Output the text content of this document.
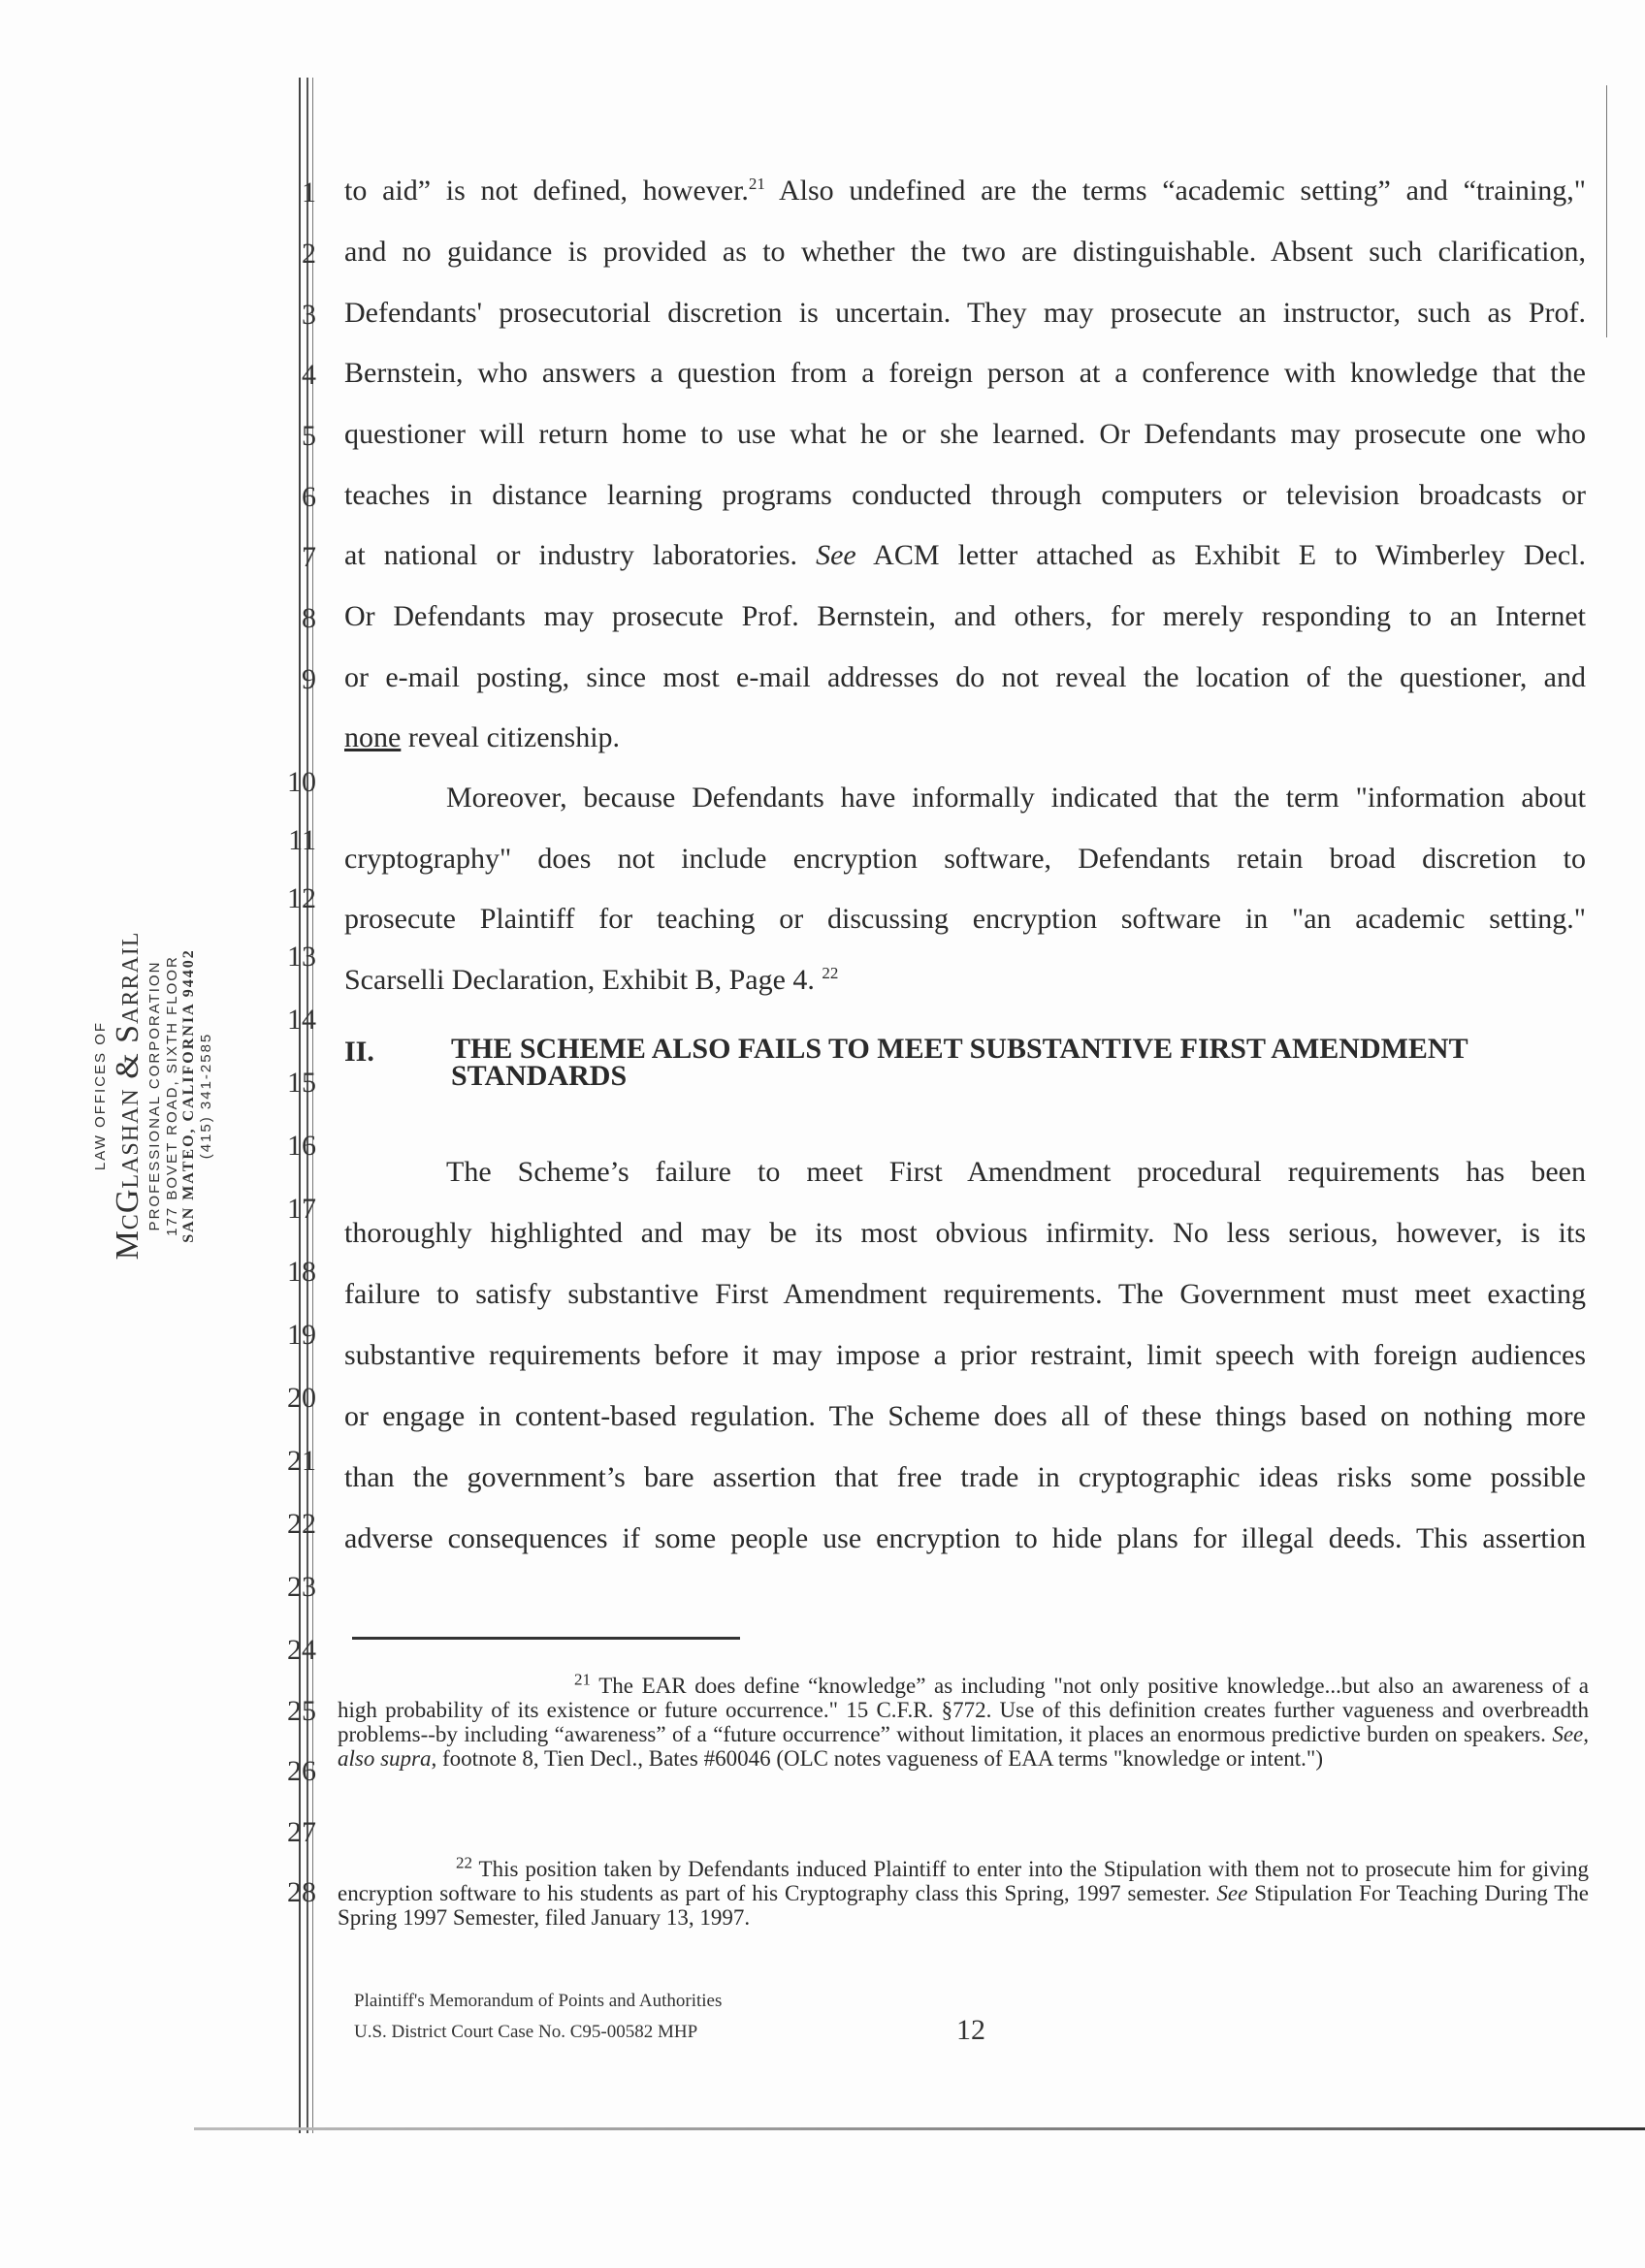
LAW OFFICES OF McGlashan & Sarrail PROFESSIONAL CORPORATION 177 BOVET ROAD, SIXTH FLOOR SAN MATEO, CALIFORNIA 94402 (415) 341-2585
1
2
3
4
5
6
7
8
9
10
11
12
13
14
15
16
17
18
19
20
21
22
23
24
25
26
27
28
to aid” is not defined, however.$^{21}$ Also undefined are the terms “academic setting” and “training,"
and no guidance is provided as to whether the two are distinguishable. Absent such clarification,
Defendants' prosecutorial discretion is uncertain. They may prosecute an instructor, such as Prof.
Bernstein, who answers a question from a foreign person at a conference with knowledge that the
questioner will return home to use what he or she learned. Or Defendants may prosecute one who
teaches in distance learning programs conducted through computers or television broadcasts or
at national or industry laboratories. See ACM letter attached as Exhibit E to Wimberley Decl.
Or Defendants may prosecute Prof. Bernstein, and others, for merely responding to an Internet
or e-mail posting, since most e-mail addresses do not reveal the location of the questioner, and
none reveal citizenship.
Moreover, because Defendants have informally indicated that the term "information about
cryptography" does not include encryption software, Defendants retain broad discretion to
prosecute Plaintiff for teaching or discussing encryption software in "an academic setting."
Scarselli Declaration, Exhibit B, Page 4. $^{22}$
II.	THE SCHEME ALSO FAILS TO MEET SUBSTANTIVE FIRST AMENDMENT STANDARDS
The Scheme’s failure to meet First Amendment procedural requirements has been
thoroughly highlighted and may be its most obvious infirmity. No less serious, however, is its
failure to satisfy substantive First Amendment requirements. The Government must meet exacting
substantive requirements before it may impose a prior restraint, limit speech with foreign audiences
or engage in content-based regulation. The Scheme does all of these things based on nothing more
than the government’s bare assertion that free trade in cryptographic ideas risks some possible
adverse consequences if some people use encryption to hide plans for illegal deeds. This assertion
$^{21}$ The EAR does define “knowledge” as including "not only positive knowledge...but also an awareness of a high probability of its existence or future occurrence." 15 C.F.R. §772. Use of this definition creates further vagueness and overbreadth problems--by including “awareness” of a “future occurrence” without limitation, it places an enormous predictive burden on speakers. See, also supra, footnote 8, Tien Decl., Bates #60046 (OLC notes vagueness of EAA terms "knowledge or intent.")
$^{22}$ This position taken by Defendants induced Plaintiff to enter into the Stipulation with them not to prosecute him for giving encryption software to his students as part of his Cryptography class this Spring, 1997 semester. See Stipulation For Teaching During The Spring 1997 Semester, filed January 13, 1997.
Plaintiff's Memorandum of Points and Authorities
U.S. District Court Case No. C95-00582 MHP	12
